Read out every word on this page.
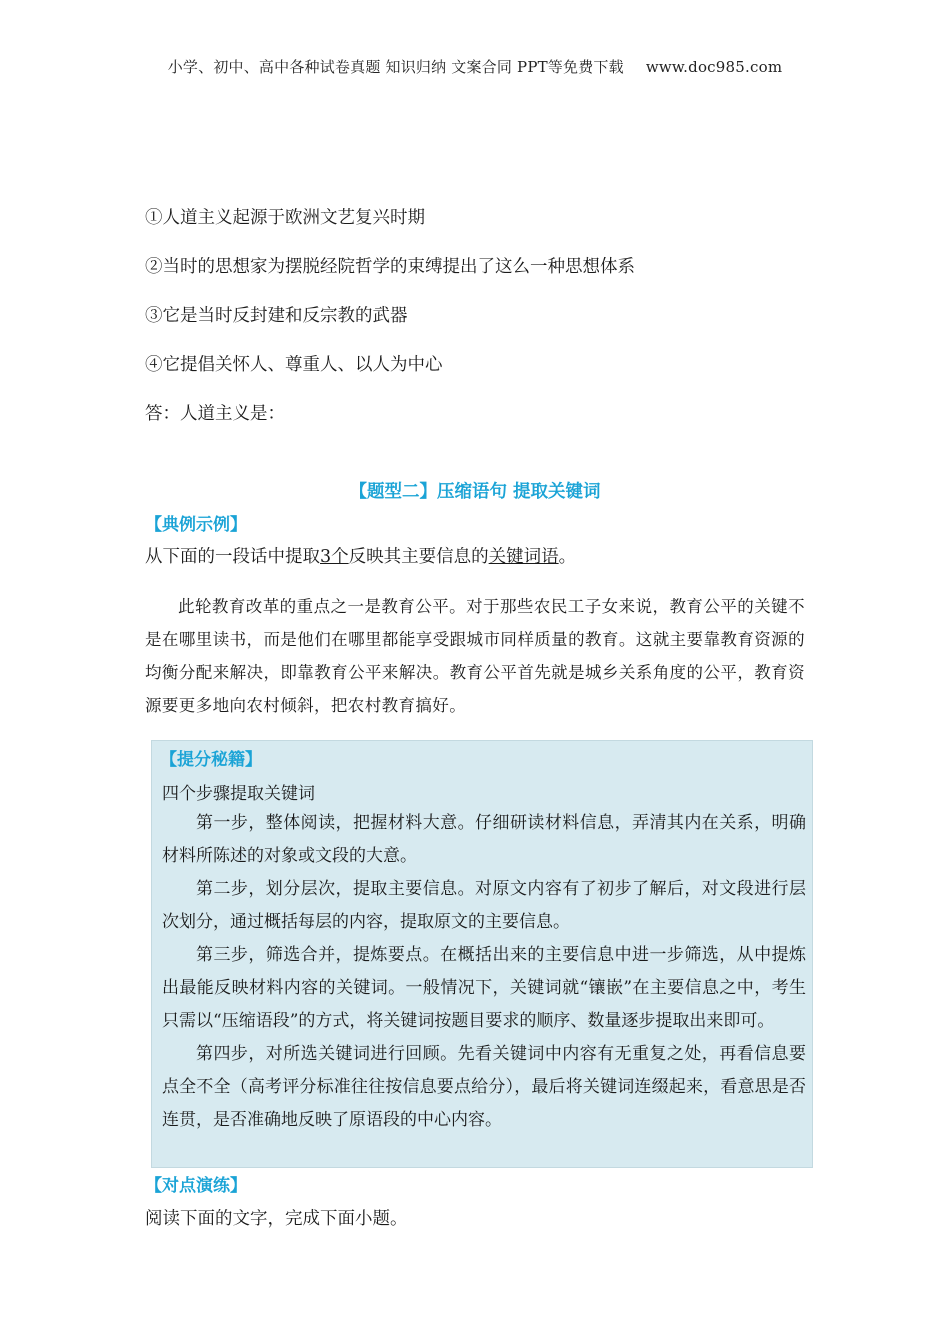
小学、初中、高中各种试卷真题 知识归纳 文案合同 PPT等免费下载 www.doc985.com
①人道主义起源于欧洲文艺复兴时期
②当时的思想家为摆脱经院哲学的束缚提出了这么一种思想体系
③它是当时反封建和反宗教的武器
④它提倡关怀人、尊重人、以人为中心
答：人道主义是：
【题型二】压缩语句 提取关键词
【典例示例】
从下面的一段话中提取3个反映其主要信息的关键词语。
此轮教育改革的重点之一是教育公平。对于那些农民工子女来说，教育公平的关键不是在哪里读书，而是他们在哪里都能享受跟城市同样质量的教育。这就主要靠教育资源的均衡分配来解决，即靠教育公平来解决。教育公平首先就是城乡关系角度的公平，教育资源要更多地向农村倾斜，把农村教育搞好。
【提分秘籍】
四个步骤提取关键词

第一步，整体阅读，把握材料大意。仔细研读材料信息，弄清其内在关系，明确材料所陈述的对象或文段的大意。

第二步，划分层次，提取主要信息。对原文内容有了初步了解后，对文段进行层次划分，通过概括每层的内容，提取原文的主要信息。

第三步，筛选合并，提炼要点。在概括出来的主要信息中进一步筛选，从中提炼出最能反映材料内容的关键词。一般情况下，关键词就“镶嵌”在主要信息之中，考生只需以“压缩语段”的方式，将关键词按题目要求的顺序、数量逐步提取出来即可。

第四步，对所选关键词进行回顾。先看关键词中内容有无重复之处，再看信息要点全不全（高考评分标准往往按信息要点给分），最后将关键词连缀起来，看意思是否连贯，是否准确地反映了原语段的中心内容。

【对点演练】
阅读下面的文字，完成下面小题。
